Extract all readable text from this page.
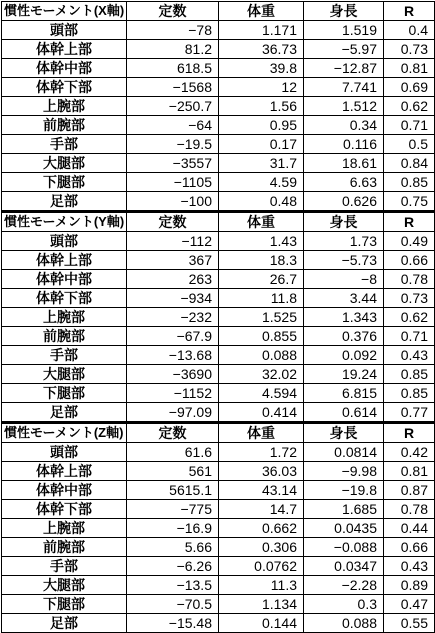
慣性モーメント(X軸)	定数	体重	身長	R
頭部	−78	1.171	1.519	0.4
体幹上部	81.2	36.73	−5.97	0.73
体幹中部	618.5	39.8	−12.87	0.81
体幹下部	−1568	12	7.741	0.69
上腕部	−250.7	1.56	1.512	0.62
前腕部	−64	0.95	0.34	0.71
手部	−19.5	0.17	0.116	0.5
大腿部	−3557	31.7	18.61	0.84
下腿部	−1105	4.59	6.63	0.85
足部	−100	0.48	0.626	0.75
慣性モーメント(Y軸)	定数	体重	身長	R
頭部	−112	1.43	1.73	0.49
体幹上部	367	18.3	−5.73	0.66
体幹中部	263	26.7	−8	0.78
体幹下部	−934	11.8	3.44	0.73
上腕部	−232	1.525	1.343	0.62
前腕部	−67.9	0.855	0.376	0.71
手部	−13.68	0.088	0.092	0.43
大腿部	−3690	32.02	19.24	0.85
下腿部	−1152	4.594	6.815	0.85
足部	−97.09	0.414	0.614	0.77
慣性モーメント(Z軸)	定数	体重	身長	R
頭部	61.6	1.72	0.0814	0.42
体幹上部	561	36.03	−9.98	0.81
体幹中部	5615.1	43.14	−19.8	0.87
体幹下部	−775	14.7	1.685	0.78
上腕部	−16.9	0.662	0.0435	0.44
前腕部	5.66	0.306	−0.088	0.66
手部	−6.26	0.0762	0.0347	0.43
大腿部	−13.5	11.3	−2.28	0.89
下腿部	−70.5	1.134	0.3	0.47
足部	−15.48	0.144	0.088	0.55
